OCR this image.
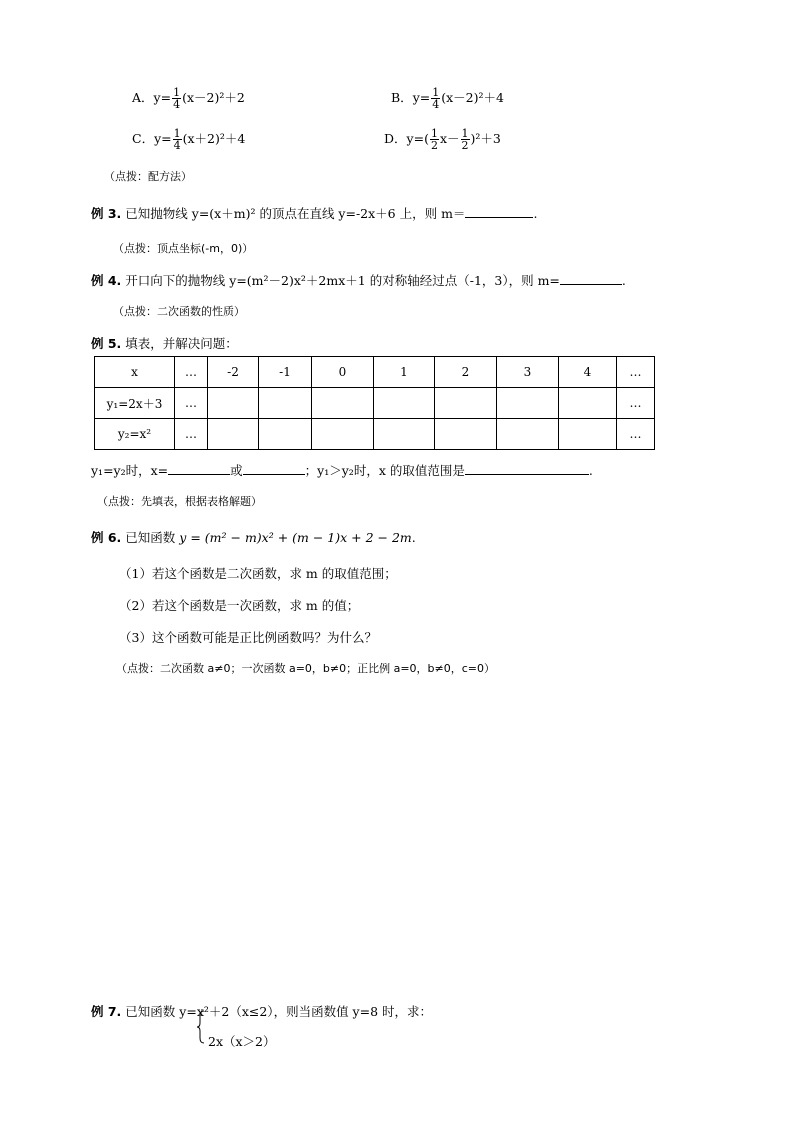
A．$y= \frac{1}{4} (x-2)^2+2$	B．$y= \frac{1}{4} (x-2)^2+4$
C．$y= \frac{1}{4} (x+2)^2+4$	D．$y=( \frac{1}{2} x- \frac{1}{2} )^2+3$
（点拨：配方法）
例 3. 已知抛物线 y=(x＋m)² 的顶点在直线 y=-2x＋6 上，则 m＝	.
（点拨：顶点坐标(-m，0)）
例 4. 开口向下的抛物线 y=(m²－2)x²＋2mx＋1 的对称轴经过点（-1，3），则 m=	.
（点拨：二次函数的性质）
例 5. 填表，并解决问题：
x	…	-2	-1	0	1	2	3	4	…
y₁=2x＋3	…								…
y₂=x²	…								…
y₁=y₂时，x=	或	；y₁＞y₂时，x 的取值范围是	.
（点拨：先填表，根据表格解题）
例 6. 已知函数 y = (m² − m)x² + (m − 1)x + 2 − 2m.
（1）若这个函数是二次函数，求 m 的取值范围；
（2）若这个函数是一次函数，求 m 的值；
（3）这个函数可能是正比例函数吗？为什么？
（点拨：二次函数 a≠0；一次函数 a=0，b≠0；正比例 a=0，b≠0，c=0）
例 7. 已知函数 y=x²＋2（x≤2），则当函数值 y=8 时，求：
2x（x＞2）
